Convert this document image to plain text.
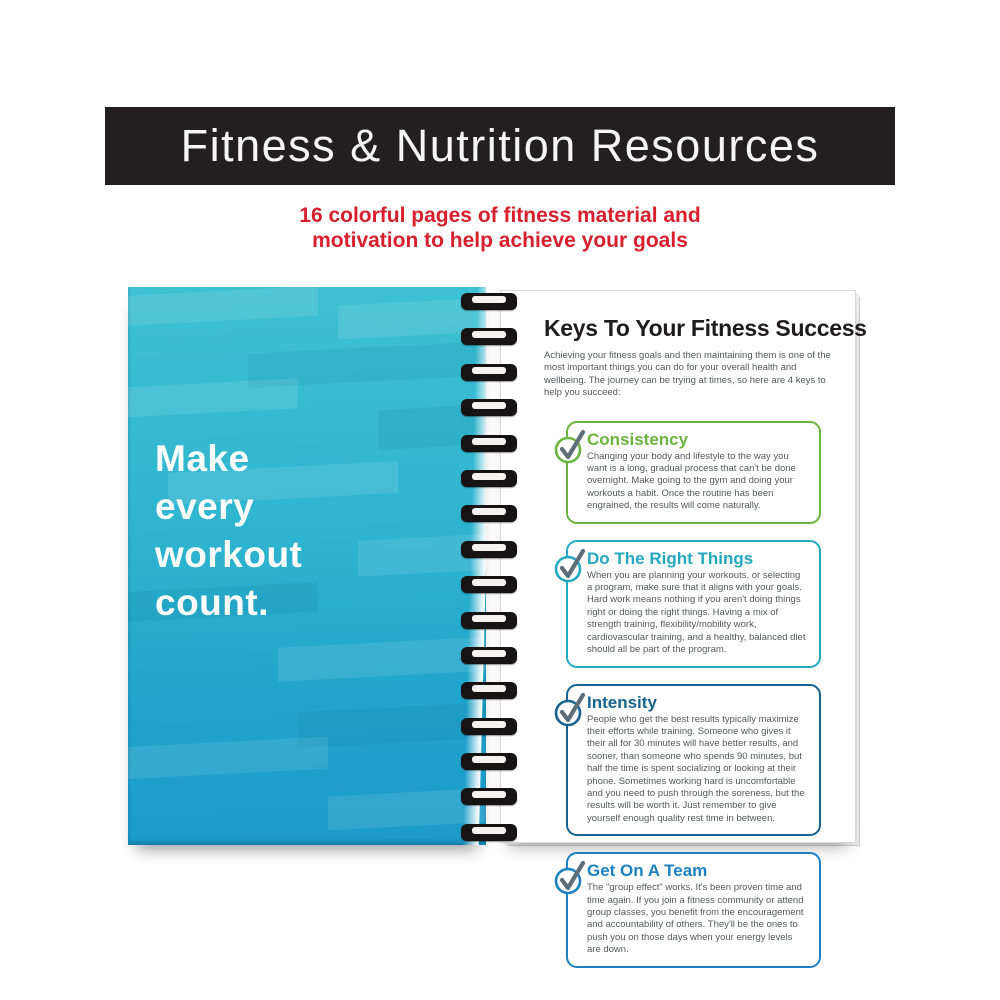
Fitness & Nutrition Resources
16 colorful pages of fitness material and
motivation to help achieve your goals
Make
every
workout
count.
Keys To Your Fitness Success

Achieving your fitness goals and then maintaining them is one of the most important things you can do for your overall health and wellbeing. The journey can be trying at times, so here are 4 keys to help you succeed:

Consistency

Changing your body and lifestyle to the way you want is a long, gradual process that can't be done overnight. Make going to the gym and doing your workouts a habit. Once the routine has been engrained, the results will come naturally.

Do The Right Things

When you are planning your workouts, or selecting a program, make sure that it aligns with your goals. Hard work means nothing if you aren't doing things right or doing the right things. Having a mix of strength training, flexibility/mobility work, cardiovascular training, and a healthy, balanced diet should all be part of the program.

Intensity

People who get the best results typically maximize their efforts while training. Someone who gives it their all for 30 minutes will have better results, and sooner, than someone who spends 90 minutes, but half the time is spent socializing or looking at their phone. Sometimes working hard is uncomfortable and you need to push through the soreness, but the results will be worth it. Just remember to give yourself enough quality rest time in between.

Get On A Team

The "group effect" works. It's been proven time and time again. If you join a fitness community or attend group classes, you benefit from the encouragement and accountability of others. They'll be the ones to push you on those days when your energy levels are down.
